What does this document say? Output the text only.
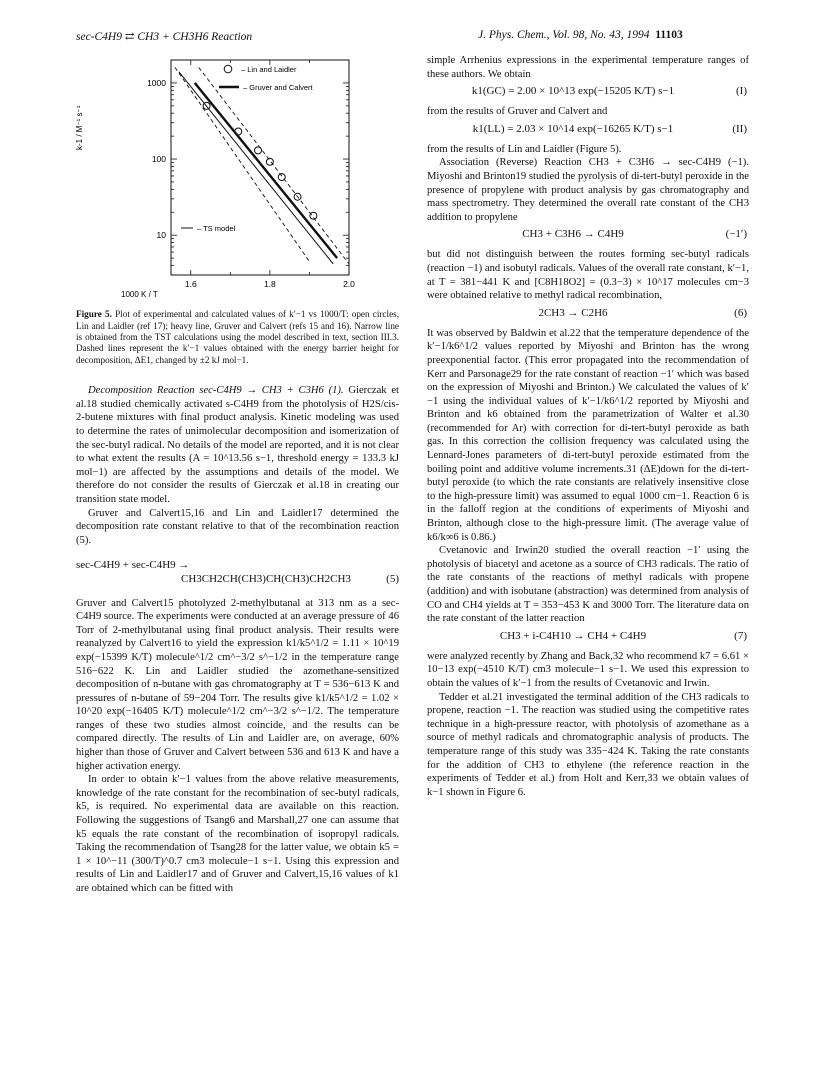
sec-C4H9 ⇄ CH3 + CH3H6 Reaction	J. Phys. Chem., Vol. 98, No. 43, 1994 11103
1000 K / T
k-1 / M⁻¹ s⁻¹
1000
100
10
1.6	1.8	2.0
– Lin and Laidler
– Gruver and Calvert
– TS model

Figure 5. Plot of experimental and calculated values of k′−1 vs 1000/T: open circles, Lin and Laidler (ref 17); heavy line, Gruver and Calvert (refs 15 and 16). Narrow line is obtained from the TST calculations using the model described in text, section III.3. Dashed lines represent the k′−1 values obtained with the energy barrier height for decomposition, ΔE1, changed by ±2 kJ mol−1.

Decomposition Reaction sec-C4H9 → CH3 + C3H6 (1). Gierczak et al.18 studied chemically activated s-C4H9 from the photolysis of H2S/cis-2-butene mixtures with final product analysis. Kinetic modeling was used to determine the rates of unimolecular decomposition and isomerization of the sec-butyl radical. No details of the model are reported, and it is not clear to what extent the results (A = 10^13.56 s−1, threshold energy = 133.3 kJ mol−1) are affected by the assumptions and details of the model. We therefore do not consider the results of Gierczak et al.18 in creating our transition state model.

Gruver and Calvert15,16 and Lin and Laidler17 determined the decomposition rate constant relative to that of the recombination reaction (5).

sec-C4H9 + sec-C4H9 →
CH3CH2CH(CH3)CH(CH3)CH2CH3	(5)

Gruver and Calvert15 photolyzed 2-methylbutanal at 313 nm as a sec-C4H9 source. The experiments were conducted at an average pressure of 46 Torr of 2-methylbutanal using final product analysis. Their results were reanalyzed by Calvert16 to yield the expression k1/k5^1/2 = 1.11 × 10^19 exp(−15399 K/T) molecule^1/2 cm^−3/2 s^−1/2 in the temperature range 516−622 K. Lin and Laidler studied the azomethane-sensitized decomposition of n-butane with gas chromatography at T = 536−613 K and pressures of n-butane of 59−204 Torr. The results give k1/k5^1/2 = 1.02 × 10^20 exp(−16405 K/T) molecule^1/2 cm^−3/2 s^−1/2. The temperature ranges of these two studies almost coincide, and the results can be compared directly. The results of Lin and Laidler are, on average, 60% higher than those of Gruver and Calvert between 536 and 613 K and have a higher activation energy.

In order to obtain k′−1 values from the above relative measurements, knowledge of the rate constant for the recombination of sec-butyl radicals, k5, is required. No experimental data are available on this reaction. Following the suggestions of Tsang6 and Marshall,27 one can assume that k5 equals the rate constant of the recombination of isopropyl radicals. Taking the recommendation of Tsang28 for the latter value, we obtain k5 = 1 × 10^−11 (300/T)^0.7 cm3 molecule−1 s−1. Using this expression and results of Lin and Laidler17 and of Gruver and Calvert,15,16 values of k1 are obtained which can be fitted with

simple Arrhenius expressions in the experimental temperature ranges of these authors. We obtain

k1(GC) = 2.00 × 10^13 exp(−15205 K/T) s−1	(I)

from the results of Gruver and Calvert and

k1(LL) = 2.03 × 10^14 exp(−16265 K/T) s−1	(II)

from the results of Lin and Laidler (Figure 5).

Association (Reverse) Reaction CH3 + C3H6 → sec-C4H9 (−1). Miyoshi and Brinton19 studied the pyrolysis of di-tert-butyl peroxide in the presence of propylene with product analysis by gas chromatography and mass spectrometry. They determined the overall rate constant of the CH3 addition to propylene

CH3 + C3H6 → C4H9	(−1′)

but did not distinguish between the routes forming sec-butyl radicals (reaction −1) and isobutyl radicals. Values of the overall rate constant, k′−1, at T = 381−441 K and [C8H18O2] = (0.3−3) × 10^17 molecules cm−3 were obtained relative to methyl radical recombination,

2CH3 → C2H6	(6)

It was observed by Baldwin et al.22 that the temperature dependence of the k′−1/k6^1/2 values reported by Miyoshi and Brinton has the wrong preexponential factor. (This error propagated into the recommendation of Kerr and Parsonage29 for the rate constant of reaction −1′ which was based on the expression of Miyoshi and Brinton.) We calculated the values of k′−1 using the individual values of k′−1/k6^1/2 reported by Miyoshi and Brinton and k6 obtained from the parametrization of Walter et al.30 (recommended for Ar) with correction for di-tert-butyl peroxide as bath gas. In this correction the collision frequency was calculated using the Lennard-Jones parameters of di-tert-butyl peroxide estimated from the boiling point and additive volume increments.31 (ΔE)down for the di-tert-butyl peroxide (to which the rate constants are relatively insensitive close to the high-pressure limit) was assumed to equal 1000 cm−1. Reaction 6 is in the falloff region at the conditions of experiments of Miyoshi and Brinton, although close to the high-pressure limit. (The average value of k6/k∞6 is 0.86.)

Cvetanovic and Irwin20 studied the overall reaction −1′ using the photolysis of biacetyl and acetone as a source of CH3 radicals. The ratio of the rate constants of the reactions of methyl radicals with propene (addition) and with isobutane (abstraction) was determined from analysis of CO and CH4 yields at T = 353−453 K and 3000 Torr. The literature data on the rate constant of the latter reaction

CH3 + i-C4H10 → CH4 + C4H9	(7)

were analyzed recently by Zhang and Back,32 who recommend k7 = 6.61 × 10−13 exp(−4510 K/T) cm3 molecule−1 s−1. We used this expression to obtain the values of k′−1 from the results of Cvetanovic and Irwin.

Tedder et al.21 investigated the terminal addition of the CH3 radicals to propene, reaction −1. The reaction was studied using the competitive rates technique in a high-pressure reactor, with photolysis of azomethane as a source of methyl radicals and chromatographic analysis of products. The temperature range of this study was 335−424 K. Taking the rate constants for the addition of CH3 to ethylene (the reference reaction in the experiments of Tedder et al.) from Holt and Kerr,33 we obtain values of k−1 shown in Figure 6.
